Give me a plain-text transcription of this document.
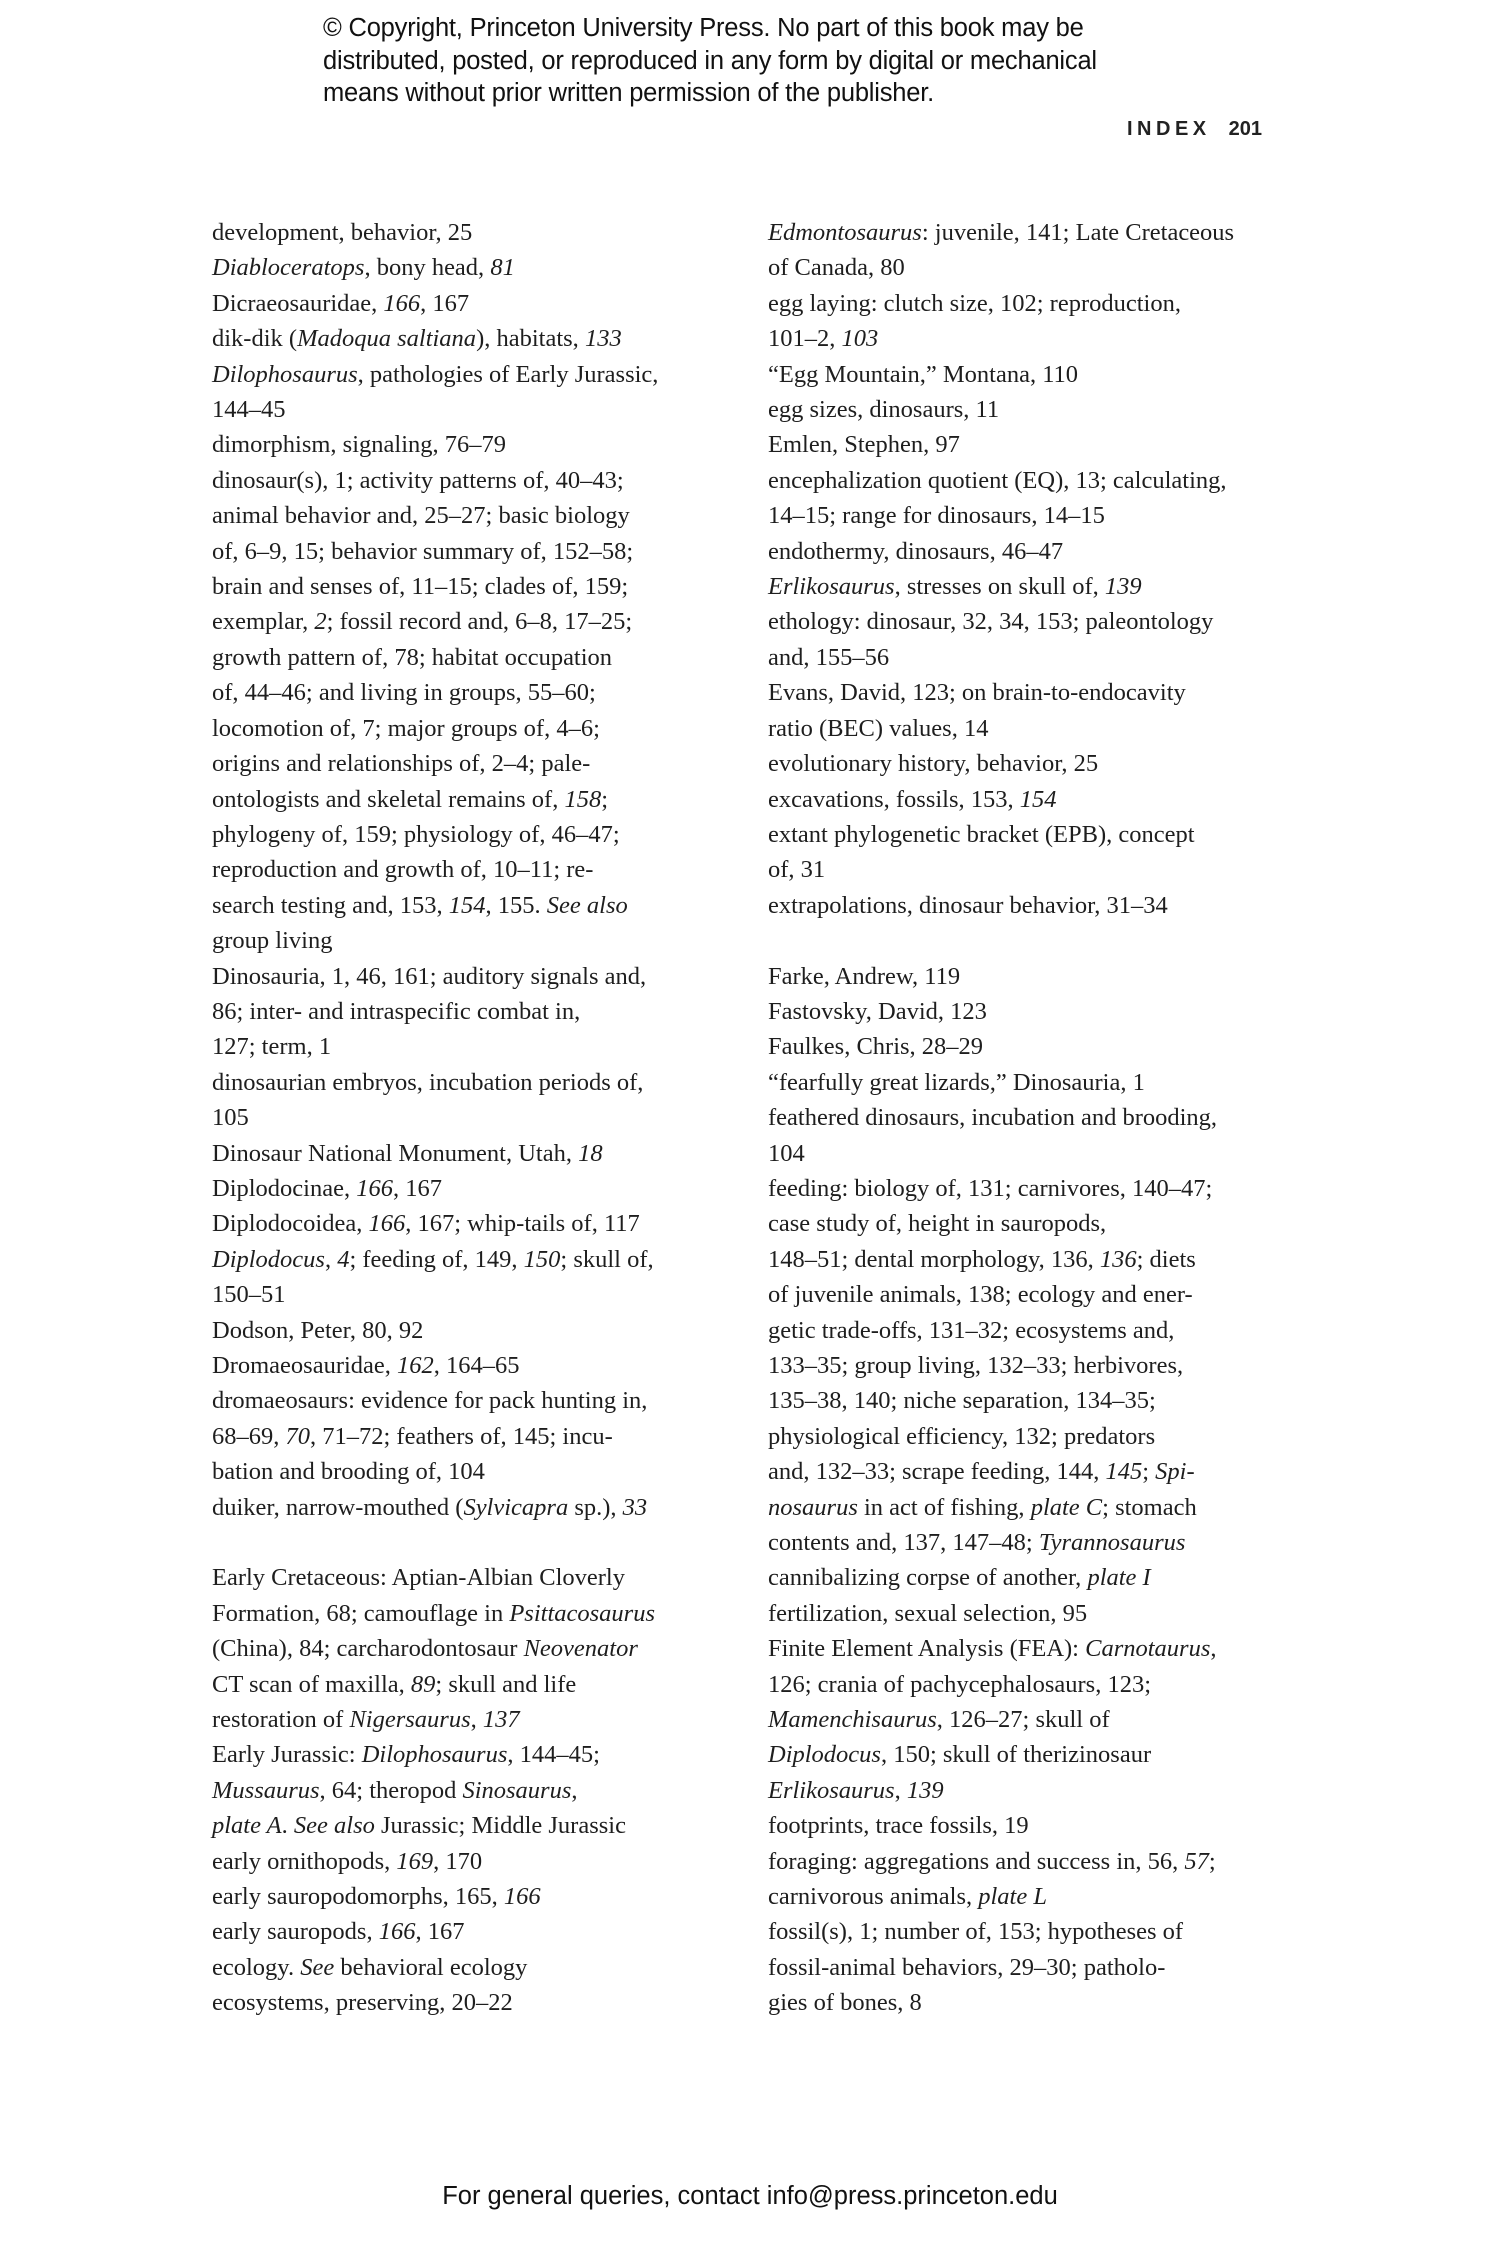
© Copyright, Princeton University Press. No part of this book may be
distributed, posted, or reproduced in any form by digital or mechanical
means without prior written permission of the publisher.
INDEX 201
development, behavior, 25
Diabloceratops, bony head, 81
Dicraeosauridae, 166, 167
dik-dik (Madoqua saltiana), habitats, 133
Dilophosaurus, pathologies of Early Jurassic,
144–45
dimorphism, signaling, 76–79
dinosaur(s), 1; activity patterns of, 40–43;
animal behavior and, 25–27; basic biology
of, 6–9, 15; behavior summary of, 152–58;
brain and senses of, 11–15; clades of, 159;
exemplar, 2; fossil record and, 6–8, 17–25;
growth pattern of, 78; habitat occupation
of, 44–46; and living in groups, 55–60;
locomotion of, 7; major groups of, 4–6;
origins and relationships of, 2–4; pale-
ontologists and skeletal remains of, 158;
phylogeny of, 159; physiology of, 46–47;
reproduction and growth of, 10–11; re-
search testing and, 153, 154, 155. See also
group living
Dinosauria, 1, 46, 161; auditory signals and,
86; inter- and intraspecific combat in,
127; term, 1
dinosaurian embryos, incubation periods of,
105
Dinosaur National Monument, Utah, 18
Diplodocinae, 166, 167
Diplodocoidea, 166, 167; whip-tails of, 117
Diplodocus, 4; feeding of, 149, 150; skull of,
150–51
Dodson, Peter, 80, 92
Dromaeosauridae, 162, 164–65
dromaeosaurs: evidence for pack hunting in,
68–69, 70, 71–72; feathers of, 145; incu-
bation and brooding of, 104
duiker, narrow-mouthed (Sylvicapra sp.), 33
Early Cretaceous: Aptian-Albian Cloverly
Formation, 68; camouflage in Psittacosaurus
(China), 84; carcharodontosaur Neovenator
CT scan of maxilla, 89; skull and life
restoration of Nigersaurus, 137
Early Jurassic: Dilophosaurus, 144–45;
Mussaurus, 64; theropod Sinosaurus,
plate A. See also Jurassic; Middle Jurassic
early ornithopods, 169, 170
early sauropodomorphs, 165, 166
early sauropods, 166, 167
ecology. See behavioral ecology
ecosystems, preserving, 20–22
Edmontosaurus: juvenile, 141; Late Cretaceous
of Canada, 80
egg laying: clutch size, 102; reproduction,
101–2, 103
“Egg Mountain,” Montana, 110
egg sizes, dinosaurs, 11
Emlen, Stephen, 97
encephalization quotient (EQ), 13; calculating,
14–15; range for dinosaurs, 14–15
endothermy, dinosaurs, 46–47
Erlikosaurus, stresses on skull of, 139
ethology: dinosaur, 32, 34, 153; paleontology
and, 155–56
Evans, David, 123; on brain-to-endocavity
ratio (BEC) values, 14
evolutionary history, behavior, 25
excavations, fossils, 153, 154
extant phylogenetic bracket (EPB), concept
of, 31
extrapolations, dinosaur behavior, 31–34
Farke, Andrew, 119
Fastovsky, David, 123
Faulkes, Chris, 28–29
“fearfully great lizards,” Dinosauria, 1
feathered dinosaurs, incubation and brooding,
104
feeding: biology of, 131; carnivores, 140–47;
case study of, height in sauropods,
148–51; dental morphology, 136, 136; diets
of juvenile animals, 138; ecology and ener-
getic trade-offs, 131–32; ecosystems and,
133–35; group living, 132–33; herbivores,
135–38, 140; niche separation, 134–35;
physiological efficiency, 132; predators
and, 132–33; scrape feeding, 144, 145; Spi-
nosaurus in act of fishing, plate C; stomach
contents and, 137, 147–48; Tyrannosaurus
cannibalizing corpse of another, plate I
fertilization, sexual selection, 95
Finite Element Analysis (FEA): Carnotaurus,
126; crania of pachycephalosaurs, 123;
Mamenchisaurus, 126–27; skull of
Diplodocus, 150; skull of therizinosaur
Erlikosaurus, 139
footprints, trace fossils, 19
foraging: aggregations and success in, 56, 57;
carnivorous animals, plate L
fossil(s), 1; number of, 153; hypotheses of
fossil-animal behaviors, 29–30; patholo-
gies of bones, 8
For general queries, contact info@press.princeton.edu
